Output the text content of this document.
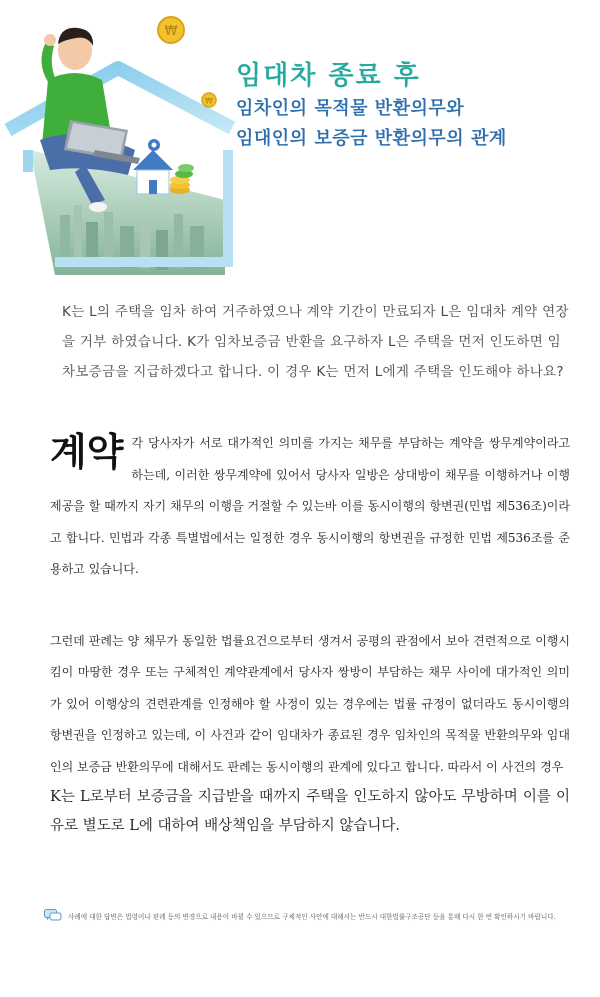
₩
₩
임대차 종료 후
임차인의 목적물 반환의무와
임대인의 보증금 반환의무의 관계

K는 L의 주택을 임차 하여 거주하였으나 계약 기간이 만료되자 L은 임대차 계약 연장을 거부 하였습니다. K가 임차보증금 반환을 요구하자 L은 주택을 먼저 인도하면 임차보증금을 지급하겠다고 합니다. 이 경우 K는 먼저 L에게 주택을 인도해야 하나요?

계약 각 당사자가 서로 대가적인 의미를 가지는 채무를 부담하는 계약을 쌍무계약이라고 하는데, 이러한 쌍무계약에 있어서 당사자 일방은 상대방이 채무를 이행하거나 이행 제공을 할 때까지 자기 채무의 이행을 거절할 수 있는바 이를 동시이행의 항변권(민법 제536조)이라고 합니다. 민법과 각종 특별법에서는 일정한 경우 동시이행의 항변권을 규정한 민법 제536조를 준용하고 있습니다.

그런데 판례는 양 채무가 동일한 법률요건으로부터 생겨서 공평의 관점에서 보아 견련적으로 이행시킴이 마땅한 경우 또는 구체적인 계약관계에서 당사자 쌍방이 부담하는 채무 사이에 대가적인 의미가 있어 이행상의 견련관계를 인정해야 할 사정이 있는 경우에는 법률 규정이 없더라도 동시이행의 항변권을 인정하고 있는데, 이 사건과 같이 임대차가 종료된 경우 임차인의 목적물 반환의무와 임대인의 보증금 반환의무에 대해서도 판례는 동시이행의 관계에 있다고 합니다. 따라서 이 사건의 경우
K는 L로부터 보증금을 지급받을 때까지 주택을 인도하지 않아도 무방하며 이를 이유로 별도로 L에 대하여 배상책임을 부담하지 않습니다.

사례에 대한 답변은 법령이나 판례 등의 변경으로 내용이 바뀔 수 있으므로 구체적인 사안에 대해서는 반드시 대한법률구조공단 등을 통해 다시 한 번 확인하시기 바랍니다.
